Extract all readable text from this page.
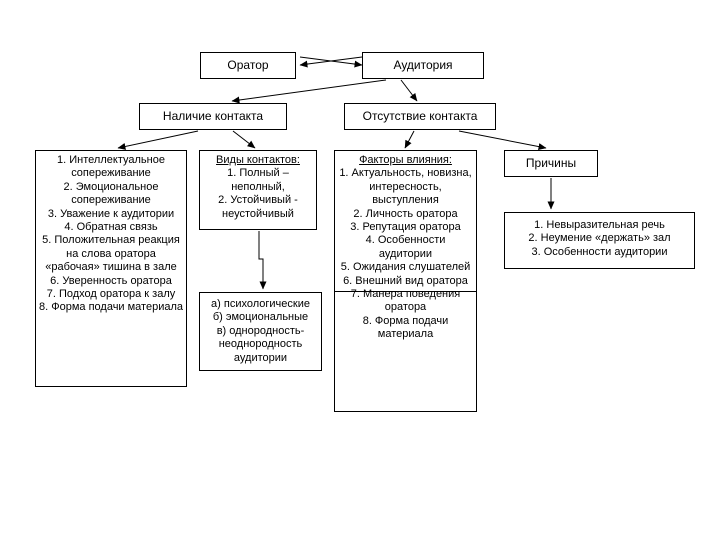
Оратор	Аудитория
Наличие контакта	Отсутствие контакта
1. Интеллектуальное сопереживание
2. Эмоциональное сопереживание
3. Уважение к аудитории
4. Обратная связь
5. Положительная реакция на слова оратора «рабочая» тишина в зале
6. Уверенность оратора
7. Подход оратора к залу
8. Форма подачи материала
Виды контактов:
1. Полный – неполный,
2. Устойчивый - неустойчивый
Факторы влияния:
1. Актуальность, новизна, интересность, выступления
2. Личность оратора
3. Репутация оратора
4. Особенности аудитории
5. Ожидания слушателей
6. Внешний вид оратора
7. Манера поведения оратора
8. Форма подачи материала
Причины
1. Невыразительная речь
2. Неумение «держать» зал
3. Особенности аудитории
а) психологические
б) эмоциональные
в) однородность-неоднородность аудитории
